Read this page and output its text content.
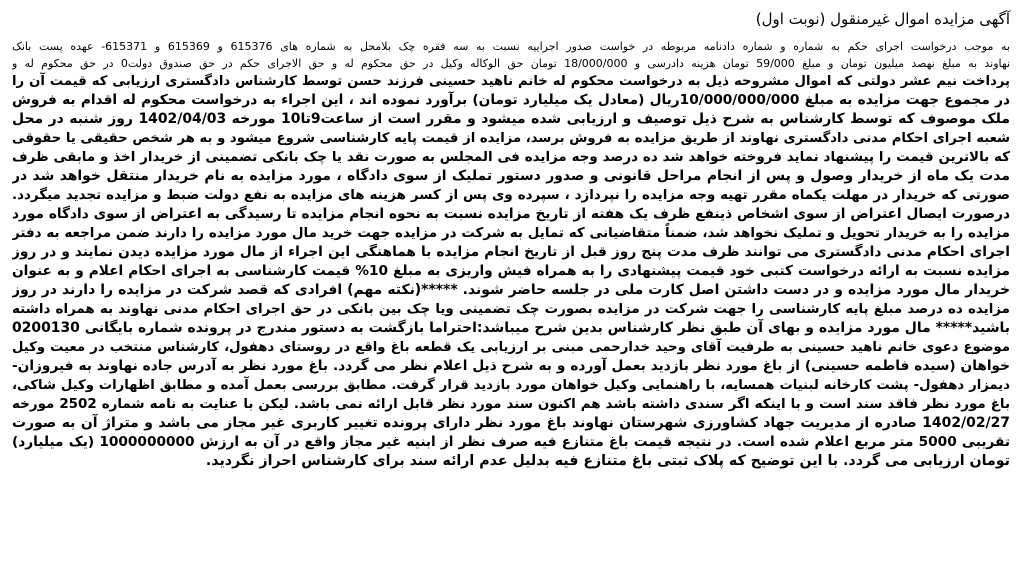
آگهی مزایده اموال غیرمنقول (نوبت اول)
به موجب درخواست اجرای حکم به شماره و شماره دادنامه مربوطه در خواست صدور اجراییه نسبت به سه فقره چک بلامحل به شماره های 615376 و 615369 و 615371- عهده پست بانک
نهاوند به مبلغ نهصد میلیون تومان و مبلغ 59/000 تومان هزینه دادرسی و 18/000/000 تومان حق الوکاله وکیل در حق محکوم له و حق الاجرای حکم در حق صندوق دولت0 در حق محکوم له و
پرداخت نیم عشر دولتی که اموال مشروحه ذیل به درخواست محکوم له خانم ناهید حسینی فرزند حسن توسط کارشناس دادگستری ارزیابی که قیمت آن را
در مجموع جهت مزایده به مبلغ 10/000/000/000ریال (معادل یک میلیارد تومان) برآورد نموده اند ، این اجراء به درخواست محکوم له اقدام به فروش
ملک موصوف که توسط کارشناس به شرح ذیل توصیف و ارزیابی شده میشود و مقرر است از ساعت9تا10 مورخه 1402/04/03 روز شنبه در محل
شعبه اجرای احکام مدنی دادگستری نهاوند از طریق مزایده به فروش برسد، مزایده از قیمت پایه کارشناسی شروع میشود و به هر شخص حقیقی یا حقوقی
که بالاترین قیمت را پیشنهاد نماید فروخته خواهد شد ده درصد وجه مزایده فی المجلس به صورت نقد یا چک بانکی تضمینی از خریدار اخذ و مابقی ظرف
مدت یک ماه از خریدار وصول و پس از انجام مراحل قانونی و صدور دستور تملیک از سوی دادگاه ، مورد مزایده به نام خریدار منتقل خواهد شد در
صورتی که خریدار در مهلت یکماه مقرر تهیه وجه مزایده را نپردازد ، سپرده وی پس از کسر هزینه های مزایده به نفع دولت ضبط و مزایده تجدید میگردد.
درصورت ایصال اعتراض از سوی اشخاص ذینفع ظرف یک هفته از تاریخ مزایده نسبت به نحوه انجام مزایده تا رسیدگی به اعتراض از سوی دادگاه مورد
مزایده را به خریدار تحویل و تملیک نخواهد شد، ضمناً متقاضیانی که تمایل به شرکت در مزایده جهت خرید مال مورد مزایده را دارند ضمن مراجعه به دفتر
اجرای احکام مدنی دادگستری می توانند ظرف مدت پنج روز قبل از تاریخ انجام مزایده با هماهنگی این اجراء از مال مورد مزایده دیدن نمایند و در روز
مزایده نسبت به ارائه درخواست کتبی خود قیمت پیشنهادی را به همراه فیش واریزی به مبلغ 10% قیمت کارشناسی به اجرای احکام اعلام و به عنوان
خریدار مال مورد مزایده و در دست داشتن اصل کارت ملی در جلسه حاضر شوند. *****(نکته مهم) افرادی که قصد شرکت در مزایده را دارند در روز
مزایده ده درصد مبلغ پایه کارشناسی را جهت شرکت در مزایده بصورت چک تضمینی ویا چک بین بانکی در حق اجرای احکام مدنی نهاوند به همراه داشته
باشید***** مال مورد مزایده و بهای آن طبق نظر کارشناس بدین شرح میباشد:احتراما بازگشت به دستور مندرج در پرونده شماره بایگانی 0200130
موضوع دعوی خانم ناهید حسینی به طرفیت آقای وحید خدارحمی مبنی بر ارزیابی یک قطعه باغ واقع در روستای دهفول، کارشناس منتخب در معیت وکیل
خواهان (سیده فاطمه حسینی) از باغ مورد نظر بازدید بعمل آورده و به شرح ذیل اعلام نظر می گردد. باغ مورد نظر به آدرس جاده نهاوند به فیروزان-
دیمزار دهفول- پشت کارخانه لبنیات همسایه، با راهنمایی وکیل خواهان مورد بازدید قرار گرفت. مطابق بررسی بعمل آمده و مطابق اظهارات وکیل شاکی،
باغ مورد نظر فاقد سند است و با اینکه اگر سندی داشته باشد هم اکنون سند مورد نظر قابل ارائه نمی باشد. لیکن با عنایت به نامه شماره 2502 مورخه
1402/02/27 صادره از مدیریت جهاد کشاورزی شهرستان نهاوند باغ مورد نظر دارای پرونده تغییر کاربری غیر مجاز می باشد و متراژ آن به صورت
تقریبی 5000 متر مربع اعلام شده است. در نتیجه قیمت باغ متنازع فیه صرف نظر از ابنیه غیر مجاز واقع در آن به ارزش 1000000000 (یک میلیارد)
تومان ارزیابی می گردد. با این توضیح که پلاک ثبتی باغ متنازع فیه بدلیل عدم ارائه سند برای کارشناس احراز نگردید.
